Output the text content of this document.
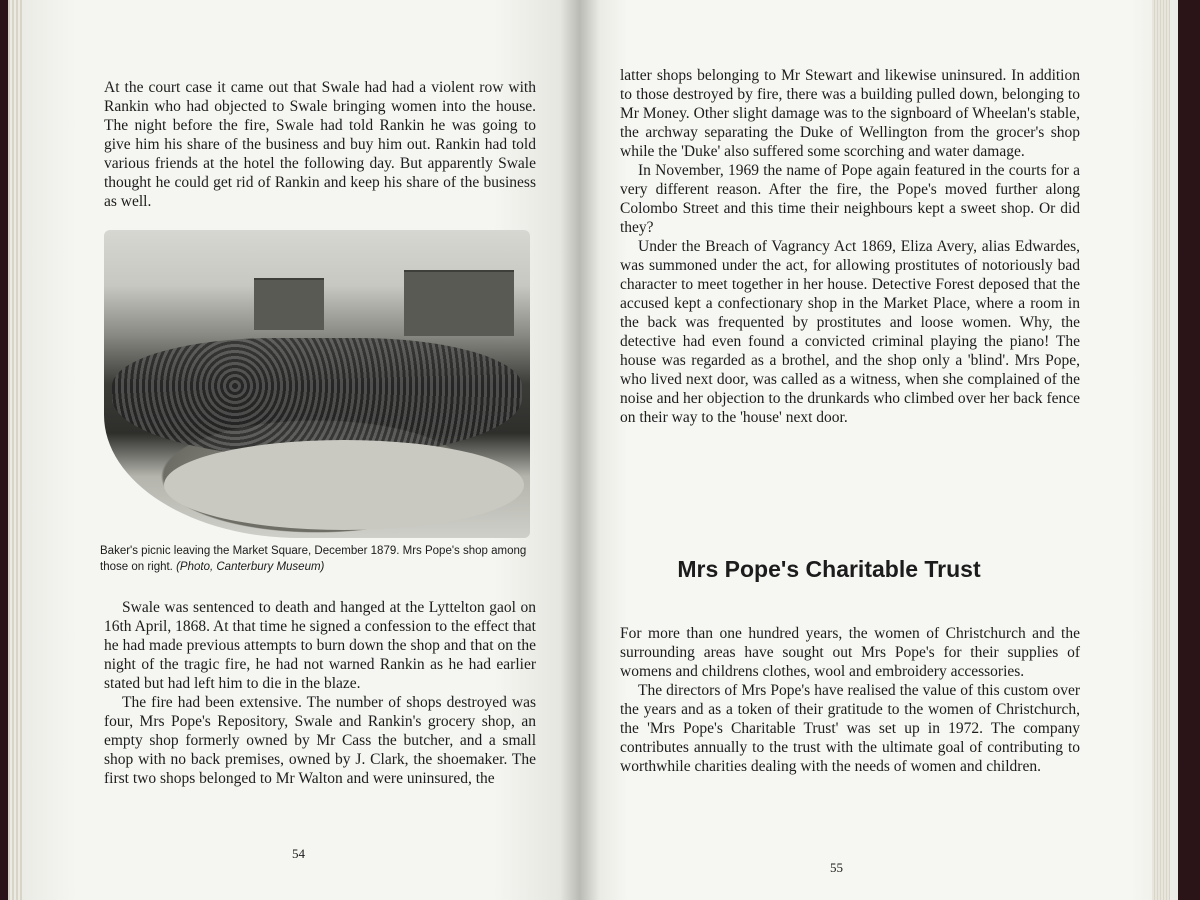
At the court case it came out that Swale had had a violent row with Rankin who had objected to Swale bringing women into the house. The night before the fire, Swale had told Rankin he was going to give him his share of the business and buy him out. Rankin had told various friends at the hotel the following day. But apparently Swale thought he could get rid of Rankin and keep his share of the business as well.

Baker's picnic leaving the Market Square, December 1879. Mrs Pope's shop among those on right. (Photo, Canterbury Museum)

Swale was sentenced to death and hanged at the Lyttelton gaol on 16th April, 1868. At that time he signed a confession to the effect that he had made previous attempts to burn down the shop and that on the night of the tragic fire, he had not warned Rankin as he had earlier stated but had left him to die in the blaze.

The fire had been extensive. The number of shops destroyed was four, Mrs Pope's Repository, Swale and Rankin's grocery shop, an empty shop formerly owned by Mr Cass the butcher, and a small shop with no back premises, owned by J. Clark, the shoemaker. The first two shops belonged to Mr Walton and were uninsured, the

54

latter shops belonging to Mr Stewart and likewise uninsured. In addition to those destroyed by fire, there was a building pulled down, belonging to Mr Money. Other slight damage was to the signboard of Wheelan's stable, the archway separating the Duke of Wellington from the grocer's shop while the 'Duke' also suffered some scorching and water damage.

In November, 1969 the name of Pope again featured in the courts for a very different reason. After the fire, the Pope's moved further along Colombo Street and this time their neighbours kept a sweet shop. Or did they?

Under the Breach of Vagrancy Act 1869, Eliza Avery, alias Edwardes, was summoned under the act, for allowing prostitutes of notoriously bad character to meet together in her house. Detective Forest deposed that the accused kept a confectionary shop in the Market Place, where a room in the back was frequented by prostitutes and loose women. Why, the detective had even found a convicted criminal playing the piano! The house was regarded as a brothel, and the shop only a 'blind'. Mrs Pope, who lived next door, was called as a witness, when she complained of the noise and her objection to the drunkards who climbed over her back fence on their way to the 'house' next door.

Mrs Pope's Charitable Trust

For more than one hundred years, the women of Christchurch and the surrounding areas have sought out Mrs Pope's for their supplies of womens and childrens clothes, wool and embroidery accessories.

The directors of Mrs Pope's have realised the value of this custom over the years and as a token of their gratitude to the women of Christchurch, the 'Mrs Pope's Charitable Trust' was set up in 1972. The company contributes annually to the trust with the ultimate goal of contributing to worthwhile charities dealing with the needs of women and children.

55
